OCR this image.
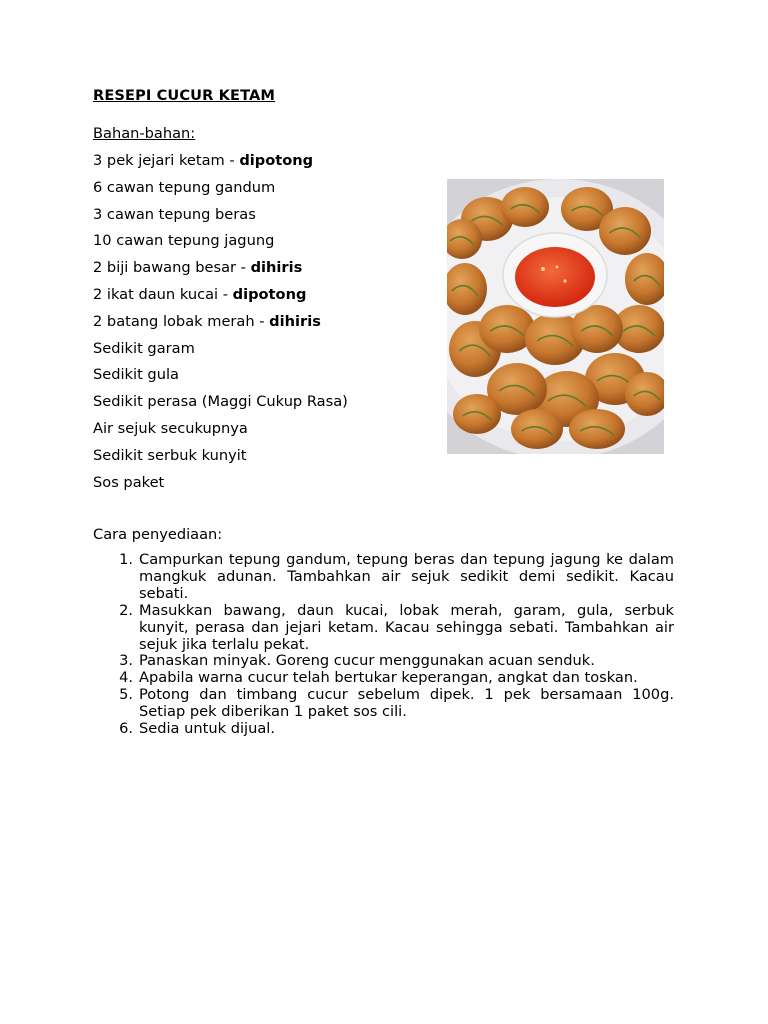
RESEPI CUCUR KETAM
Bahan-bahan:
3 pek jejari ketam - dipotong
6 cawan tepung gandum
3 cawan tepung beras
10 cawan tepung jagung
2 biji bawang besar - dihiris
2 ikat daun kucai - dipotong
2 batang lobak merah - dihiris
Sedikit garam
Sedikit gula
Sedikit perasa (Maggi Cukup Rasa)
Air sejuk secukupnya
Sedikit serbuk kunyit
Sos paket
Cara penyediaan:
1. Campurkan tepung gandum, tepung beras dan tepung jagung ke dalam mangkuk adunan. Tambahkan air sejuk sedikit demi sedikit. Kacau sebati.
2. Masukkan bawang, daun kucai, lobak merah, garam, gula, serbuk kunyit, perasa dan jejari ketam. Kacau sehingga sebati. Tambahkan air sejuk jika terlalu pekat.
3. Panaskan minyak. Goreng cucur menggunakan acuan senduk.
4. Apabila warna cucur telah bertukar keperangan, angkat dan toskan.
5. Potong dan timbang cucur sebelum dipek. 1 pek bersamaan 100g. Setiap pek diberikan 1 paket sos cili.
6. Sedia untuk dijual.
